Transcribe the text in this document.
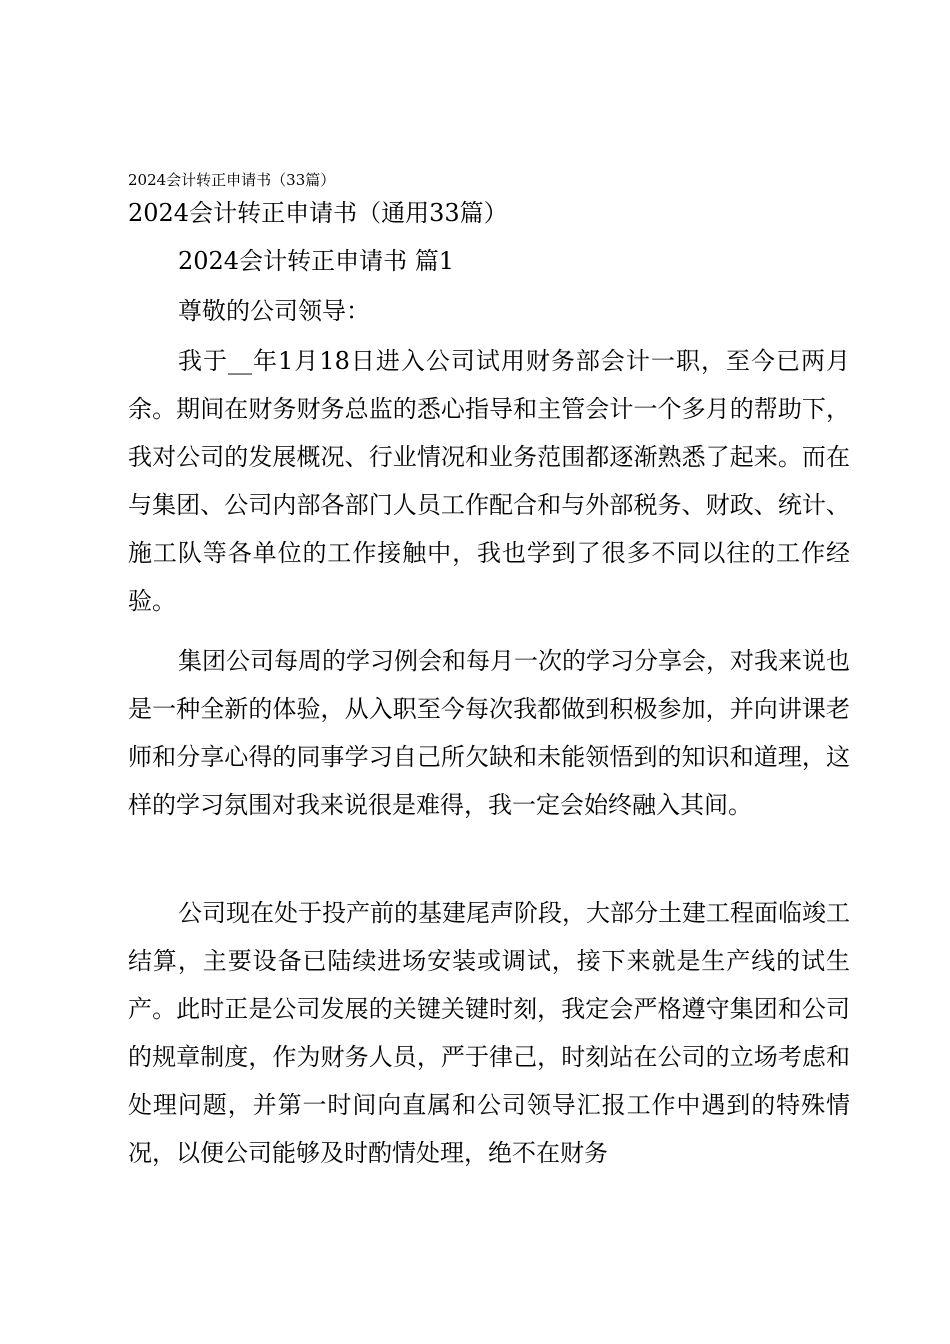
2024会计转正申请书（33篇）
2024会计转正申请书（通用33篇）
2024会计转正申请书 篇1
尊敬的公司领导：

我于__年1月18日进入公司试用财务部会计一职，至今已两月余。期间在财务财务总监的悉心指导和主管会计一个多月的帮助下，我对公司的发展概况、行业情况和业务范围都逐渐熟悉了起来。而在与集团、公司内部各部门人员工作配合和与外部税务、财政、统计、施工队等各单位的工作接触中，我也学到了很多不同以往的工作经验。

集团公司每周的学习例会和每月一次的学习分享会，对我来说也是一种全新的体验，从入职至今每次我都做到积极参加，并向讲课老师和分享心得的同事学习自己所欠缺和未能领悟到的知识和道理，这样的学习氛围对我来说很是难得，我一定会始终融入其间。

公司现在处于投产前的基建尾声阶段，大部分土建工程面临竣工结算，主要设备已陆续进场安装或调试，接下来就是生产线的试生产。此时正是公司发展的关键关键时刻，我定会严格遵守集团和公司的规章制度，作为财务人员，严于律己，时刻站在公司的立场考虑和处理问题，并第一时间向直属和公司领导汇报工作中遇到的特殊情况，以便公司能够及时酌情处理，绝不在财务
